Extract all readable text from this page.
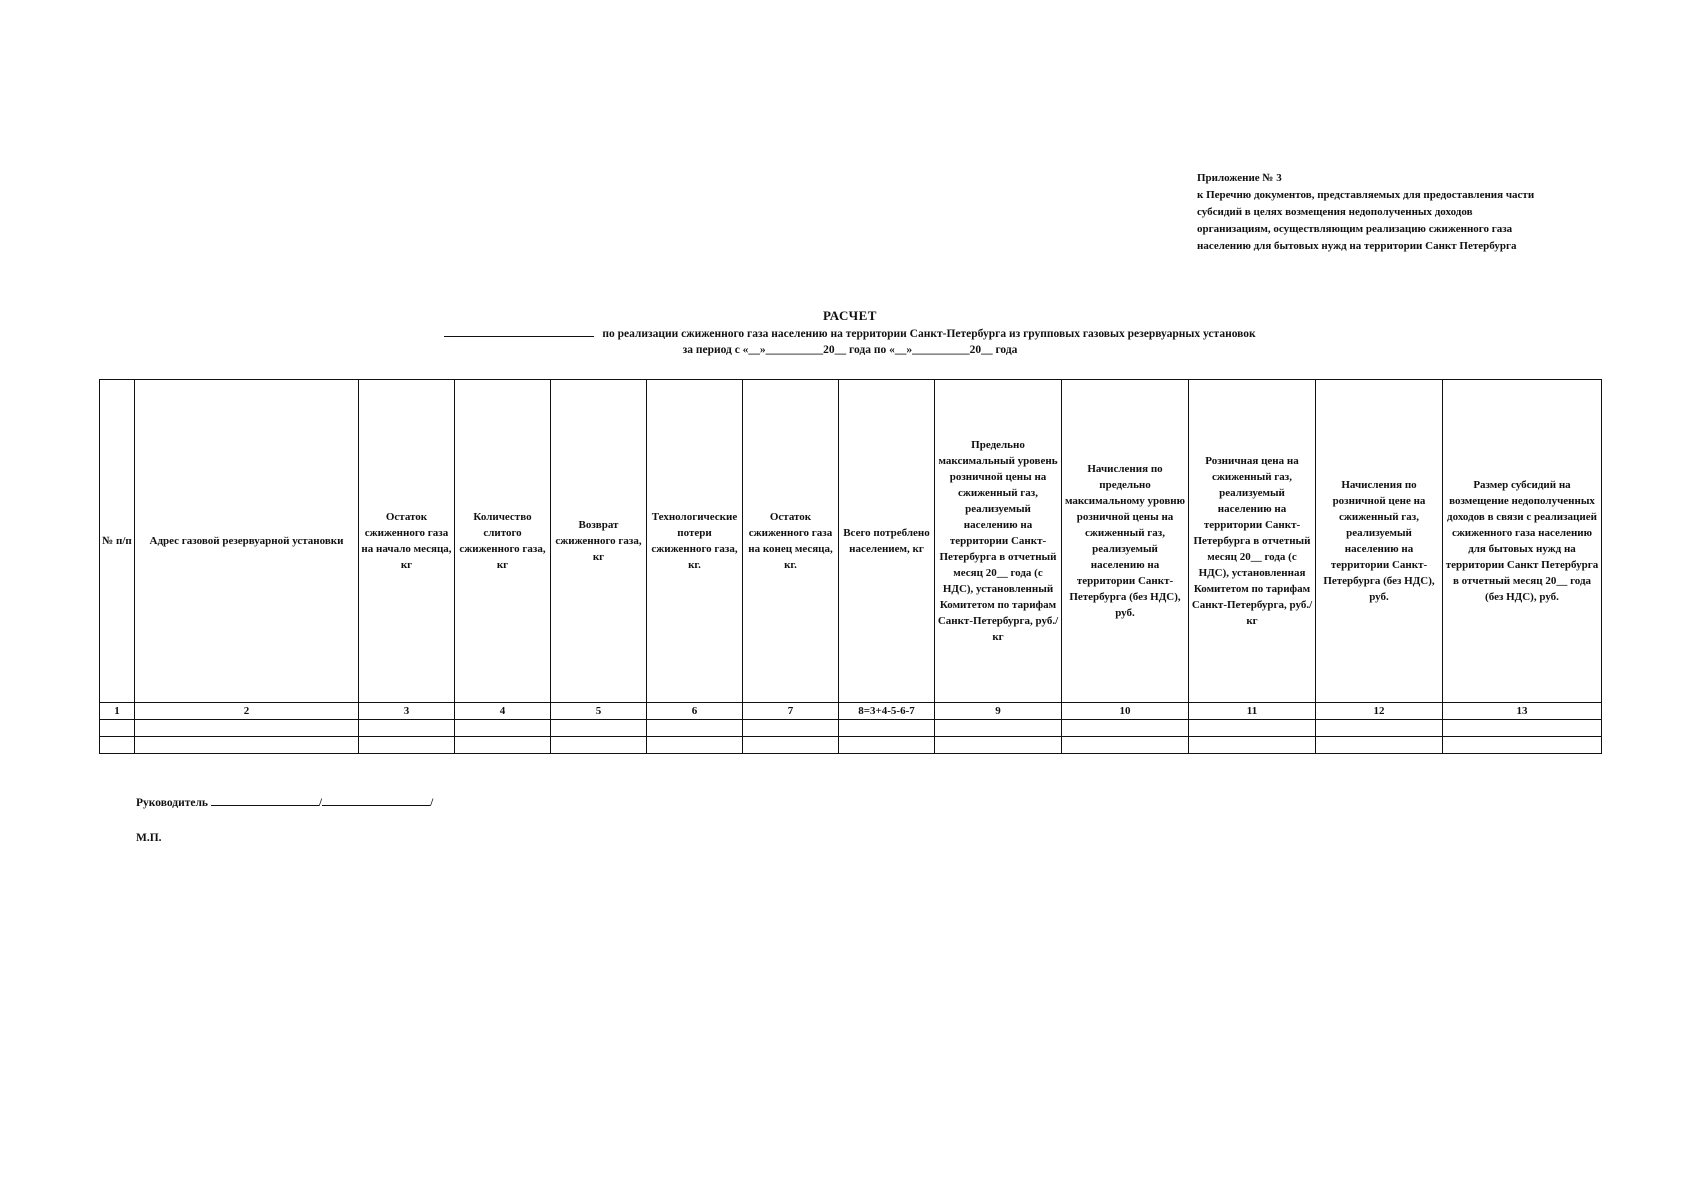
Приложение № 3
к Перечню документов, представляемых для предоставления части
субсидий в целях возмещения недополученных доходов
организациям, осуществляющим реализацию сжиженного газа
населению для бытовых нужд на территории Санкт Петербурга
РАСЧЕТ
по реализации сжиженного газа населению на территории Санкт-Петербурга из групповых газовых резервуарных установок
за период с «__»__________20__ года по «__»__________20__ года
№ п/п	Адрес газовой резервуарной установки	Остаток сжиженного газа на начало месяца, кг	Количество слитого сжиженного газа, кг	Возврат сжиженного газа, кг	Технологические потери сжиженного газа, кг.	Остаток сжиженного газа на конец месяца, кг.	Всего потреблено населением, кг	Предельно максимальный уровень розничной цены на сжиженный газ, реализуемый населению на территории Санкт-Петербурга в отчетный месяц 20__ года (с НДС), установленный Комитетом по тарифам Санкт-Петербурга, руб./кг	Начисления по предельно максимальному уровню розничной цены на сжиженный газ, реализуемый населению на территории Санкт-Петербурга (без НДС), руб.	Розничная цена на сжиженный газ, реализуемый населению на территории Санкт-Петербурга в отчетный месяц 20__ года (с НДС), установленная Комитетом по тарифам Санкт-Петербурга, руб./кг	Начисления по розничной цене на сжиженный газ, реализуемый населению на территории Санкт-Петербурга (без НДС), руб.	Размер субсидий на возмещение недополученных доходов в связи с реализацией сжиженного газа населению для бытовых нужд на территории Санкт Петербурга в отчетный месяц 20__ года (без НДС), руб.
1	2	3	4	5	6	7	8=3+4-5-6-7	9	10	11	12	13

Руководитель	/	/
М.П.
